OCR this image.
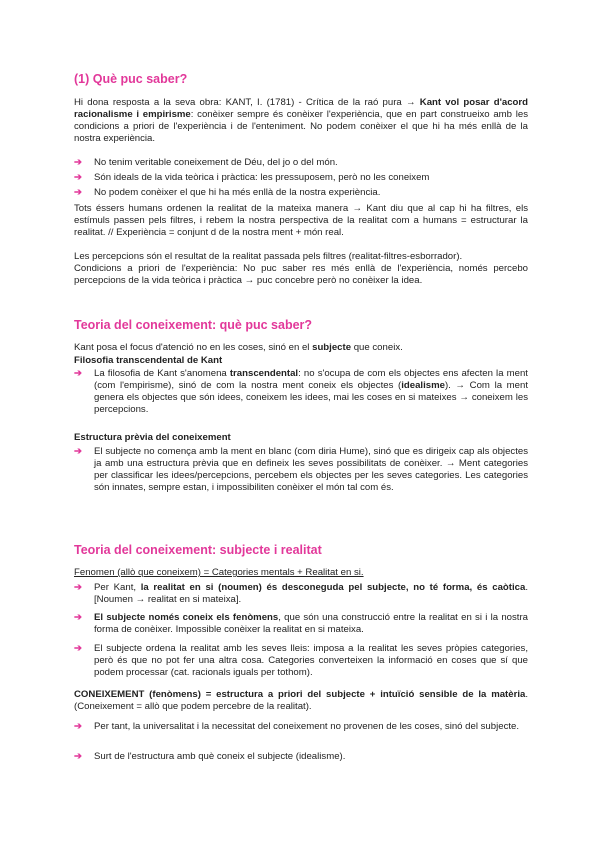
(1) Què puc saber?

Hi dona resposta a la seva obra: KANT, I. (1781) - Crítica de la raó pura → Kant vol posar d'acord racionalisme i empirisme: conèixer sempre és conèixer l'experiència, que en part construeixo amb les condicions a priori de l'experiència i de l'enteniment. No podem conèixer el que hi ha més enllà de la nostra experiència.

➔ No tenim veritable coneixement de Déu, del jo o del món.
➔ Són ideals de la vida teòrica i pràctica: les pressuposem, però no les coneixem
➔ No podem conèixer el que hi ha més enllà de la nostra experiència.

Tots éssers humans ordenen la realitat de la mateixa manera → Kant diu que al cap hi ha filtres, els estímuls passen pels filtres, i rebem la nostra perspectiva de la realitat com a humans = estructurar la realitat. // Experiència = conjunt d de la nostra ment + món real.

Les percepcions són el resultat de la realitat passada pels filtres (realitat-filtres-esborrador).

Condicions a priori de l'experiència: No puc saber res més enllà de l'experiència, només percebo percepcions de la vida teòrica i pràctica → puc concebre però no conèixer la idea.

Teoria del coneixement: què puc saber?

Kant posa el focus d'atenció no en les coses, sinó en el subjecte que coneix.

Filosofia transcendental de Kant
➔ La filosofia de Kant s'anomena transcendental: no s'ocupa de com els objectes ens afecten la ment (com l'empirisme), sinó de com la nostra ment coneix els objectes (idealisme). → Com la ment genera els objectes que són idees, coneixem les idees, mai les coses en si mateixes → coneixem les percepcions.
Estructura prèvia del coneixement
➔ El subjecte no comença amb la ment en blanc (com diria Hume), sinó que es dirigeix cap als objectes ja amb una estructura prèvia que en defineix les seves possibilitats de conèixer. → Ment categories per classificar les idees/percepcions, percebem els objectes per les seves categories. Les categories són innates, sempre estan, i impossibiliten conèixer el món tal com és.
Teoria del coneixement: subjecte i realitat

Fenomen (allò que coneixem) = Categories mentals + Realitat en si.

➔ Per Kant, la realitat en si (noumen) és desconeguda pel subjecte, no té forma, és caòtica. [Noumen → realitat en si mateixa].
➔ El subjecte només coneix els fenòmens, que són una construcció entre la realitat en si i la nostra forma de conèixer. Impossible conèixer la realitat en si mateixa.
➔ El subjecte ordena la realitat amb les seves lleis: imposa a la realitat les seves pròpies categories, però és que no pot fer una altra cosa. Categories converteixen la informació en coses que sí que podem processar (cat. racionals iguals per tothom).

CONEIXEMENT (fenòmens) = estructura a priori del subjecte + intuïció sensible de la matèria. (Coneixement = allò que podem percebre de la realitat).

➔ Per tant, la universalitat i la necessitat del coneixement no provenen de les coses, sinó del subjecte.
➔ Surt de l'estructura amb què coneix el subjecte (idealisme).
